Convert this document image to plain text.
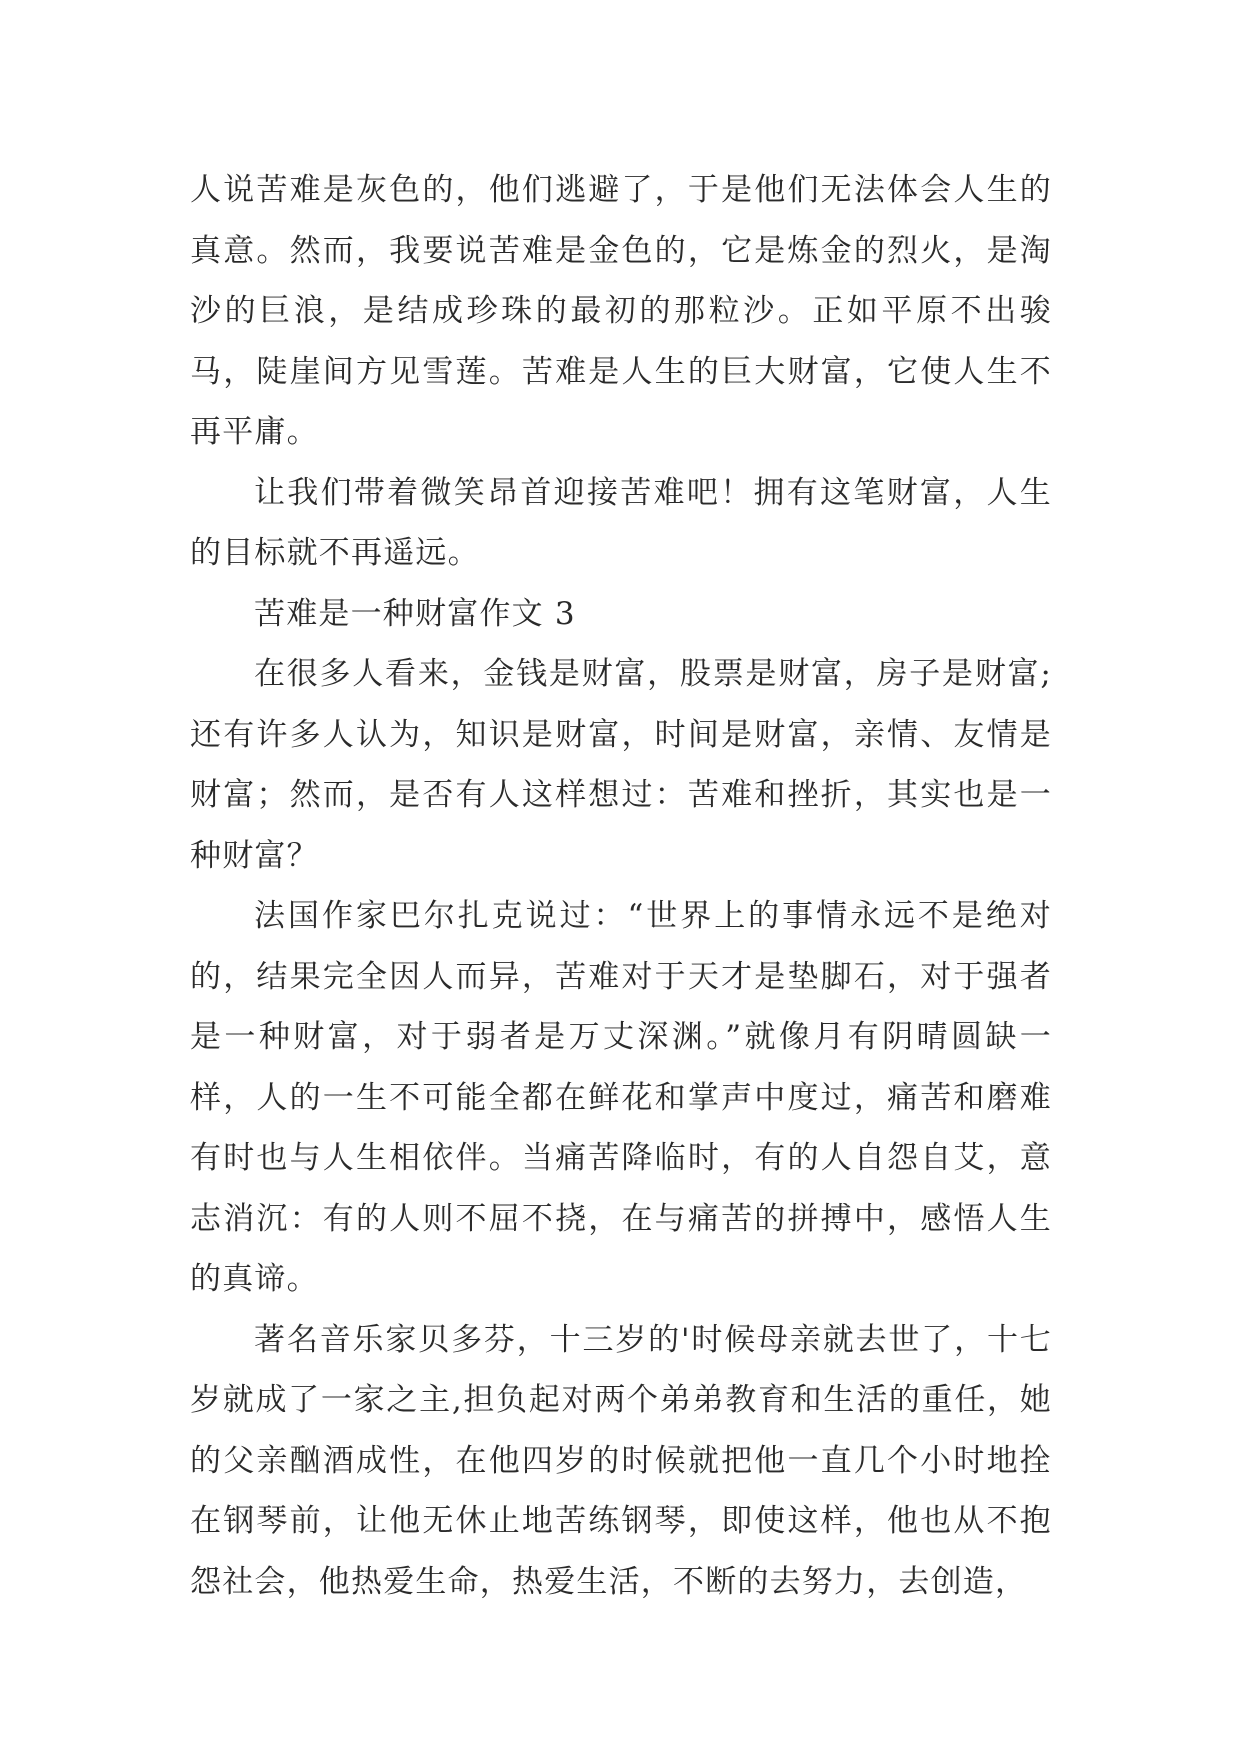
人说苦难是灰色的，他们逃避了，于是他们无法体会人生的真意。然而，我要说苦难是金色的，它是炼金的烈火，是淘沙的巨浪，是结成珍珠的最初的那粒沙。正如平原不出骏马，陡崖间方见雪莲。苦难是人生的巨大财富，它使人生不再平庸。

让我们带着微笑昂首迎接苦难吧！拥有这笔财富，人生的目标就不再遥远。

苦难是一种财富作文 3

在很多人看来，金钱是财富，股票是财富，房子是财富;还有许多人认为，知识是财富，时间是财富，亲情、友情是财富；然而，是否有人这样想过：苦难和挫折，其实也是一种财富？

法国作家巴尔扎克说过：“世界上的事情永远不是绝对的，结果完全因人而异，苦难对于天才是垫脚石，对于强者是一种财富，对于弱者是万丈深渊。”就像月有阴晴圆缺一样，人的一生不可能全都在鲜花和掌声中度过，痛苦和磨难有时也与人生相依伴。当痛苦降临时，有的人自怨自艾，意志消沉：有的人则不屈不挠，在与痛苦的拼搏中，感悟人生的真谛。

著名音乐家贝多芬，十三岁的'时候母亲就去世了，十七岁就成了一家之主,担负起对两个弟弟教育和生活的重任，她的父亲酗酒成性，在他四岁的时候就把他一直几个小时地拴在钢琴前，让他无休止地苦练钢琴，即使这样，他也从不抱怨社会，他热爱生命，热爱生活，不断的去努力，去创造，
